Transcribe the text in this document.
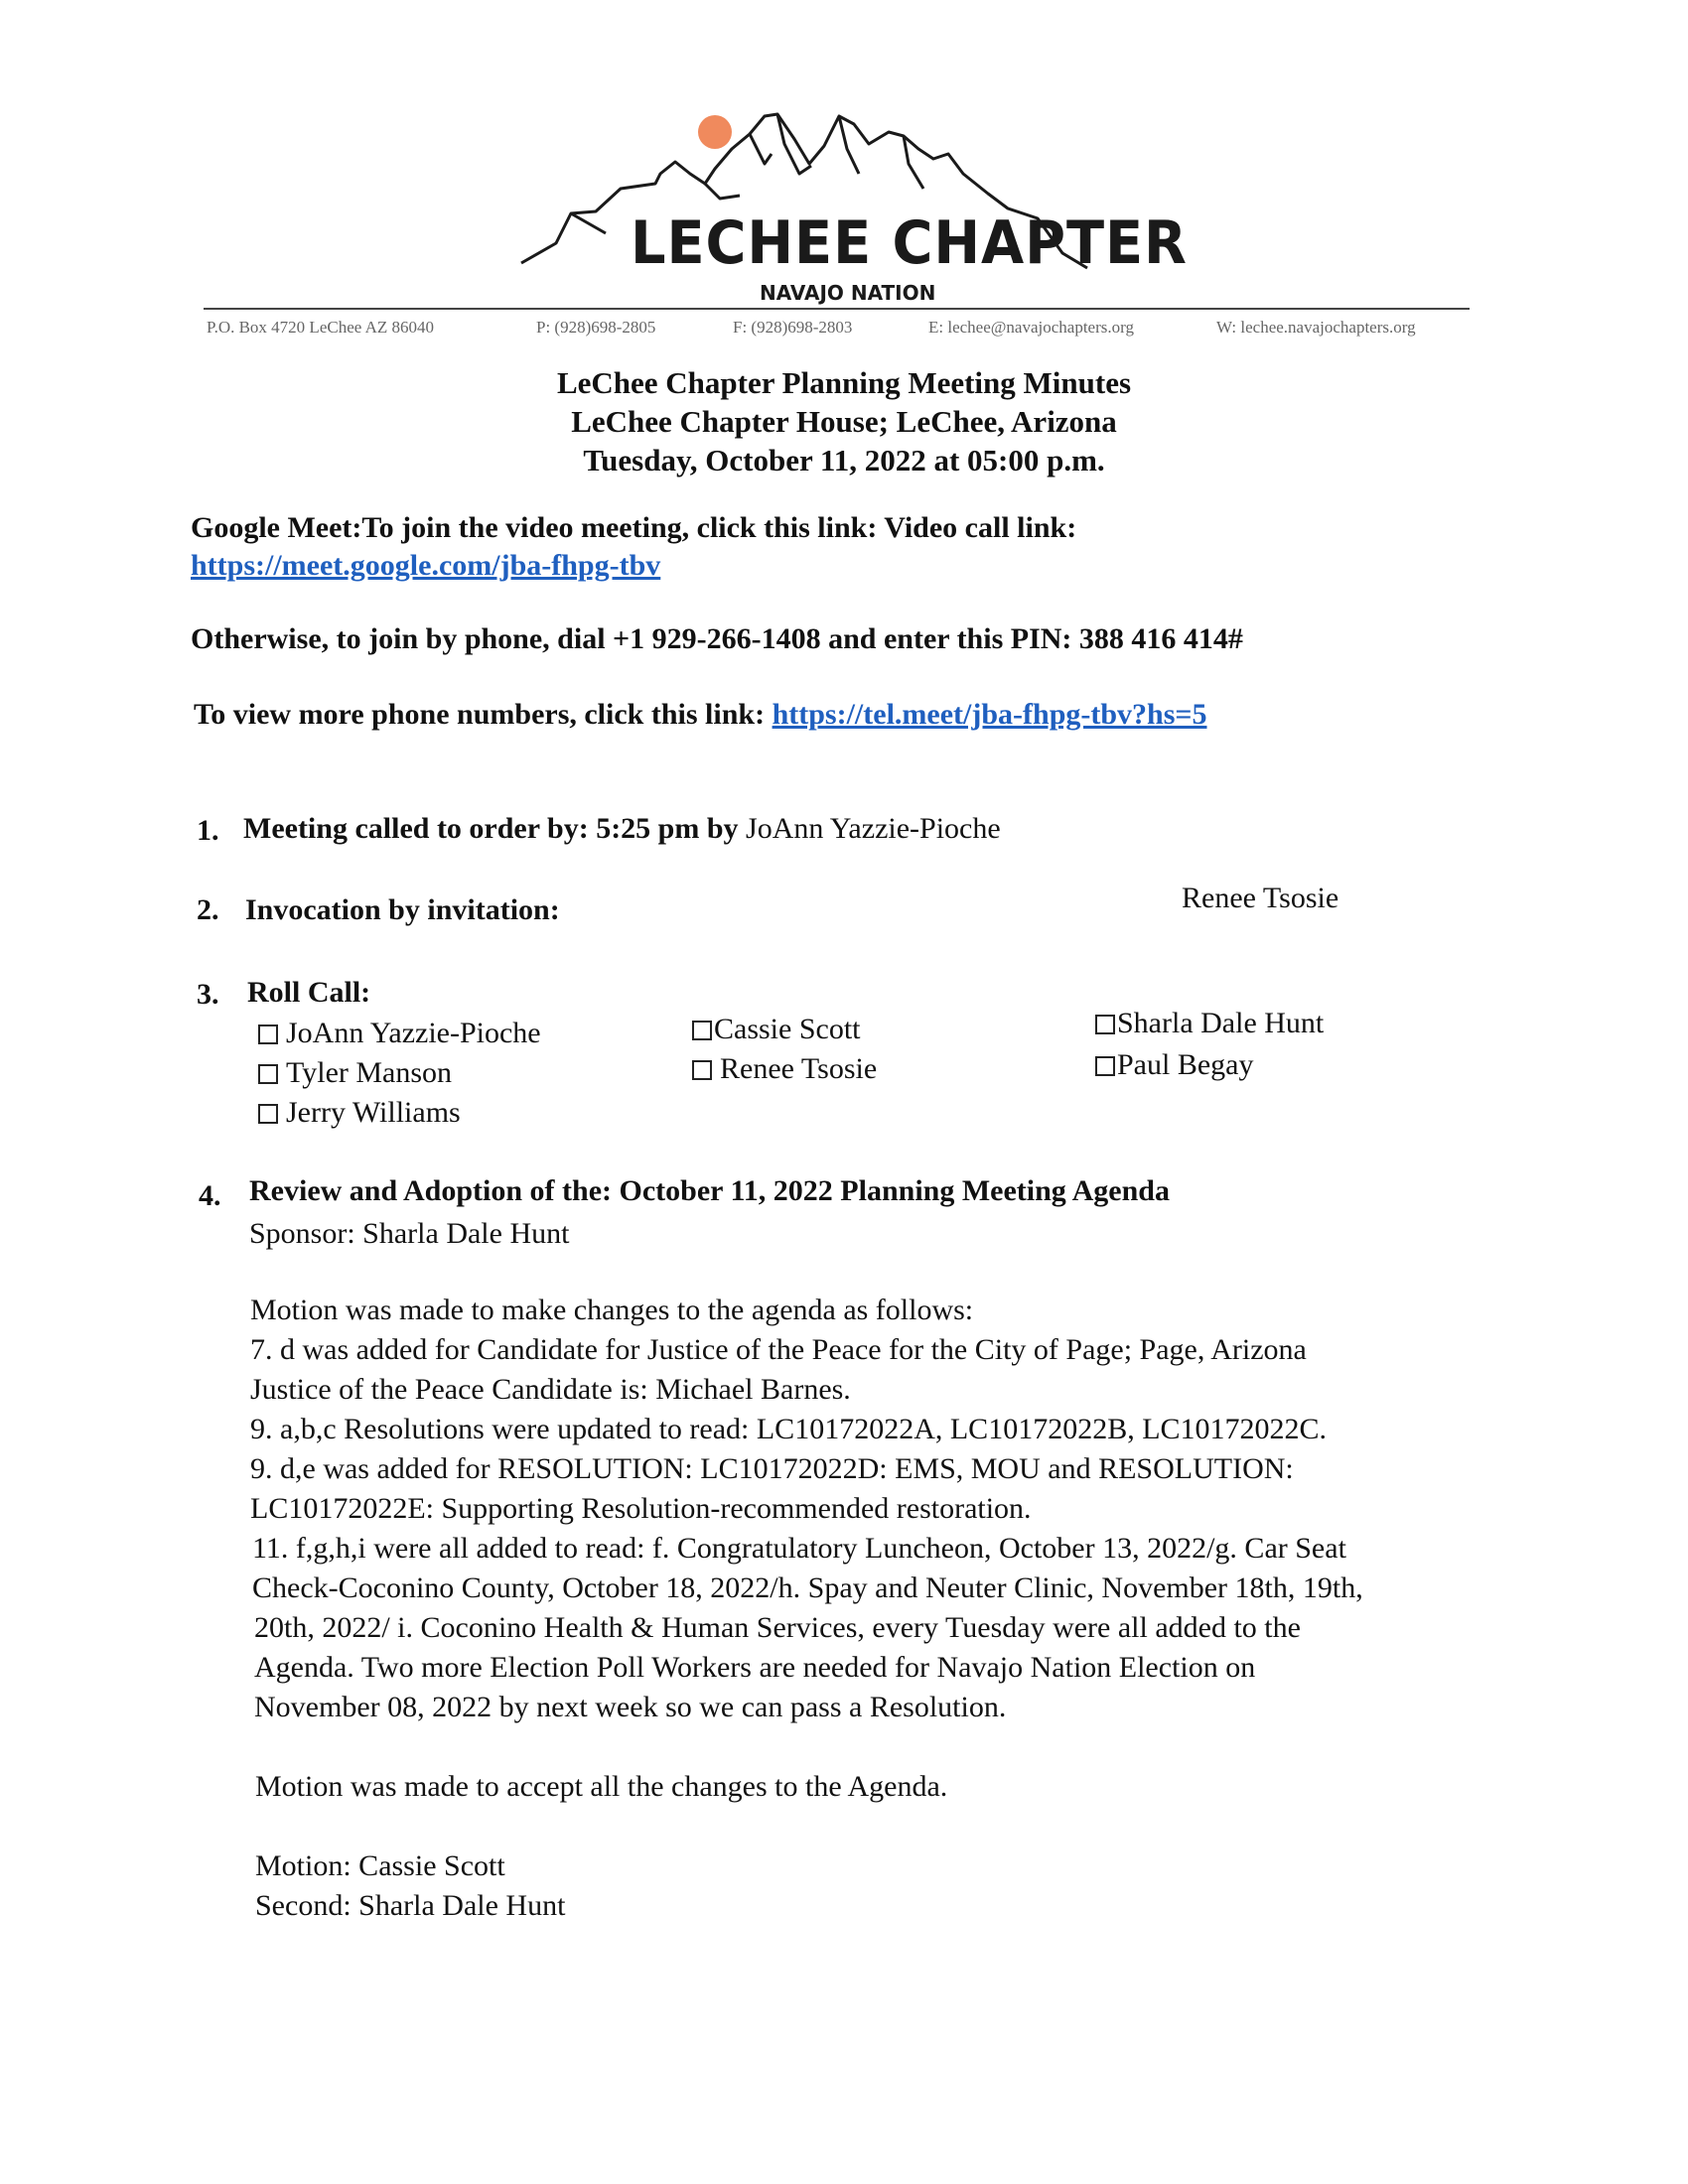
LECHEE CHAPTER
NAVAJO NATION
P.O. Box 4720 LeChee AZ 86040	P: (928)698-2805	F: (928)698-2803	E: lechee@navajochapters.org	W: lechee.navajochapters.org
LeChee Chapter Planning Meeting Minutes
LeChee Chapter House; LeChee, Arizona
Tuesday, October 11, 2022 at 05:00 p.m.
Google Meet:To join the video meeting, click this link: Video call link:
https://meet.google.com/jba-fhpg-tbv
Otherwise, to join by phone, dial +1 929-266-1408 and enter this PIN: 388 416 414#
To view more phone numbers, click this link: https://tel.meet/jba-fhpg-tbv?hs=5
1. Meeting called to order by: 5:25 pm by JoAnn Yazzie-Pioche
2. Invocation by invitation:	Renee Tsosie
3. Roll Call:
JoAnn Yazzie-Pioche
Tyler Manson
Jerry Williams
Cassie Scott
Renee Tsosie
Sharla Dale Hunt
Paul Begay
4. Review and Adoption of the: October 11, 2022 Planning Meeting Agenda
Sponsor: Sharla Dale Hunt
Motion was made to make changes to the agenda as follows:
7. d was added for Candidate for Justice of the Peace for the City of Page; Page, Arizona
Justice of the Peace Candidate is: Michael Barnes.
9. a,b,c Resolutions were updated to read: LC10172022A, LC10172022B, LC10172022C.
9. d,e was added for RESOLUTION: LC10172022D: EMS, MOU and RESOLUTION:
LC10172022E: Supporting Resolution-recommended restoration.
11. f,g,h,i were all added to read: f. Congratulatory Luncheon, October 13, 2022/g. Car Seat
Check-Coconino County, October 18, 2022/h. Spay and Neuter Clinic, November 18th, 19th,
20th, 2022/ i. Coconino Health & Human Services, every Tuesday were all added to the
Agenda. Two more Election Poll Workers are needed for Navajo Nation Election on
November 08, 2022 by next week so we can pass a Resolution.
Motion was made to accept all the changes to the Agenda.
Motion: Cassie Scott
Second: Sharla Dale Hunt
